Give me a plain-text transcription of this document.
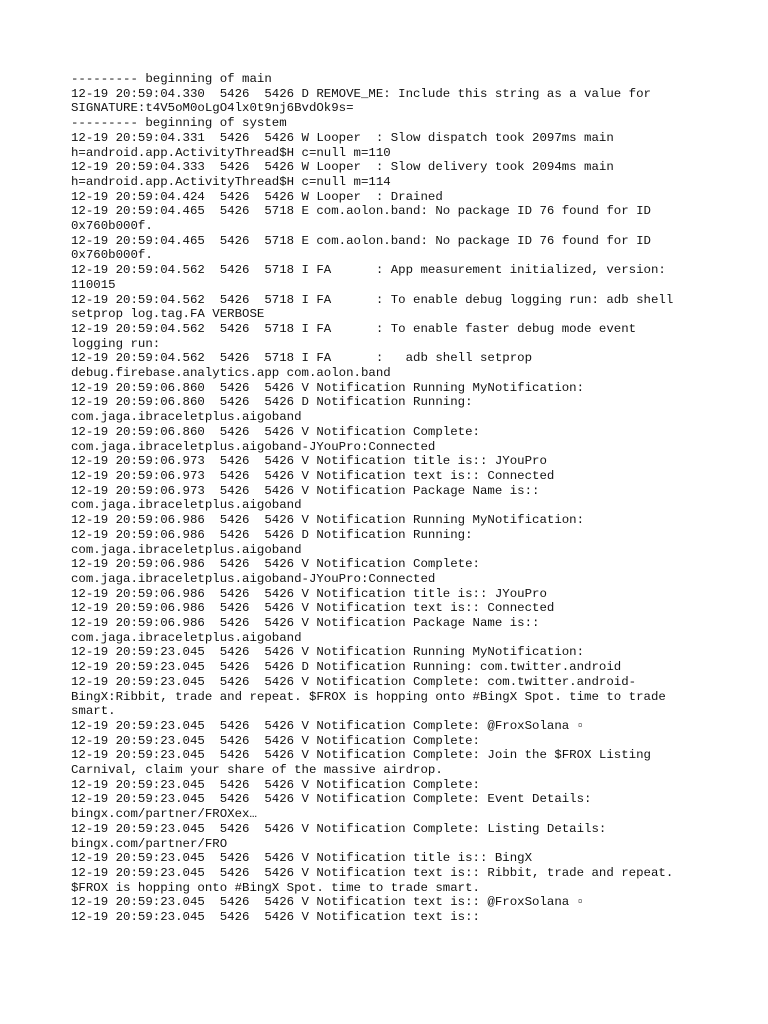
--------- beginning of main
12-19 20:59:04.330  5426  5426 D REMOVE_ME: Include this string as a value for
SIGNATURE:t4V5oM0oLgO4lx0t9nj6BvdOk9s=
--------- beginning of system
12-19 20:59:04.331  5426  5426 W Looper  : Slow dispatch took 2097ms main
h=android.app.ActivityThread$H c=null m=110
12-19 20:59:04.333  5426  5426 W Looper  : Slow delivery took 2094ms main
h=android.app.ActivityThread$H c=null m=114
12-19 20:59:04.424  5426  5426 W Looper  : Drained
12-19 20:59:04.465  5426  5718 E com.aolon.band: No package ID 76 found for ID
0x760b000f.
12-19 20:59:04.465  5426  5718 E com.aolon.band: No package ID 76 found for ID
0x760b000f.
12-19 20:59:04.562  5426  5718 I FA      : App measurement initialized, version:
110015
12-19 20:59:04.562  5426  5718 I FA      : To enable debug logging run: adb shell
setprop log.tag.FA VERBOSE
12-19 20:59:04.562  5426  5718 I FA      : To enable faster debug mode event
logging run:
12-19 20:59:04.562  5426  5718 I FA      :   adb shell setprop
debug.firebase.analytics.app com.aolon.band
12-19 20:59:06.860  5426  5426 V Notification Running MyNotification:
12-19 20:59:06.860  5426  5426 D Notification Running:
com.jaga.ibraceletplus.aigoband
12-19 20:59:06.860  5426  5426 V Notification Complete:
com.jaga.ibraceletplus.aigoband-JYouPro:Connected
12-19 20:59:06.973  5426  5426 V Notification title is:: JYouPro
12-19 20:59:06.973  5426  5426 V Notification text is:: Connected
12-19 20:59:06.973  5426  5426 V Notification Package Name is::
com.jaga.ibraceletplus.aigoband
12-19 20:59:06.986  5426  5426 V Notification Running MyNotification:
12-19 20:59:06.986  5426  5426 D Notification Running:
com.jaga.ibraceletplus.aigoband
12-19 20:59:06.986  5426  5426 V Notification Complete:
com.jaga.ibraceletplus.aigoband-JYouPro:Connected
12-19 20:59:06.986  5426  5426 V Notification title is:: JYouPro
12-19 20:59:06.986  5426  5426 V Notification text is:: Connected
12-19 20:59:06.986  5426  5426 V Notification Package Name is::
com.jaga.ibraceletplus.aigoband
12-19 20:59:23.045  5426  5426 V Notification Running MyNotification:
12-19 20:59:23.045  5426  5426 D Notification Running: com.twitter.android
12-19 20:59:23.045  5426  5426 V Notification Complete: com.twitter.android-
BingX:Ribbit, trade and repeat. $FROX is hopping onto #BingX Spot. time to trade
smart.
12-19 20:59:23.045  5426  5426 V Notification Complete: @FroxSolana ▫
12-19 20:59:23.045  5426  5426 V Notification Complete:
12-19 20:59:23.045  5426  5426 V Notification Complete: Join the $FROX Listing
Carnival, claim your share of the massive airdrop.
12-19 20:59:23.045  5426  5426 V Notification Complete:
12-19 20:59:23.045  5426  5426 V Notification Complete: Event Details:
bingx.com/partner/FROXex…
12-19 20:59:23.045  5426  5426 V Notification Complete: Listing Details:
bingx.com/partner/FRO
12-19 20:59:23.045  5426  5426 V Notification title is:: BingX
12-19 20:59:23.045  5426  5426 V Notification text is:: Ribbit, trade and repeat.
$FROX is hopping onto #BingX Spot. time to trade smart.
12-19 20:59:23.045  5426  5426 V Notification text is:: @FroxSolana ▫
12-19 20:59:23.045  5426  5426 V Notification text is::
